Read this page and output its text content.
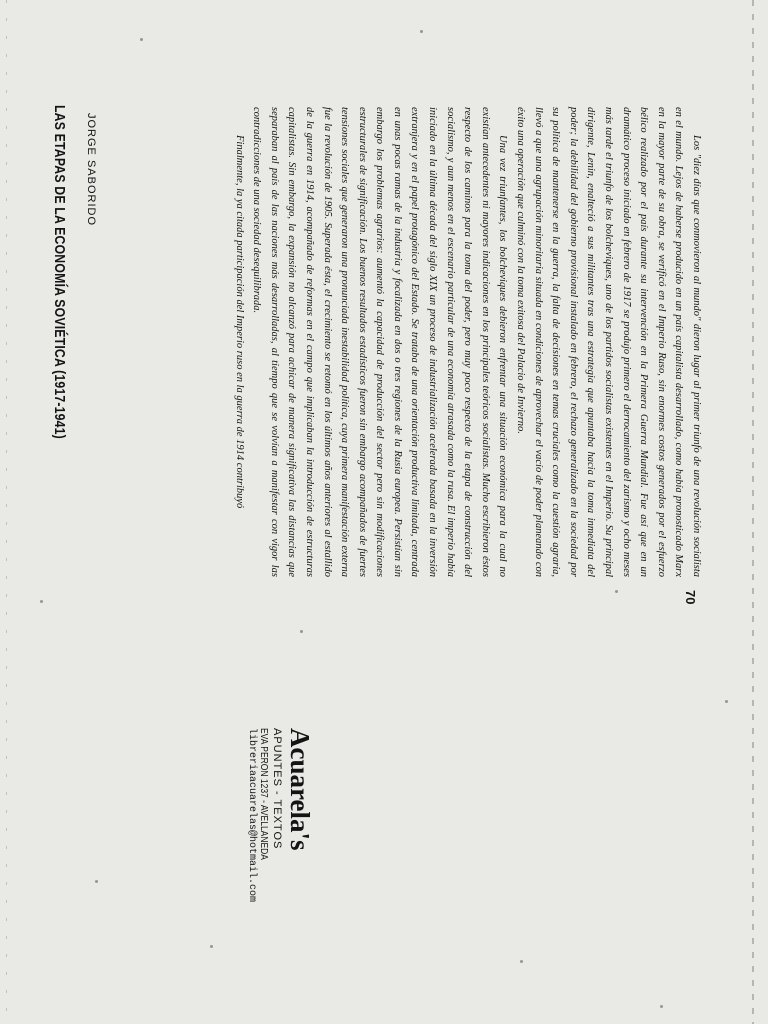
LAS ETAPAS DE LA ECONOMÍA SOVIÉTICA (1917-1941) JORGE SABORIDO	Los "diez días que conmovieron al mundo" dieron lugar al primer triunfo de una revolución socialista en el mundo. Lejos de haberse producido en un país capitalista desarrollado, como había pronosticado Marx en la mayor parte de su obra, se verificó en el Imperio Ruso, sin enormes costos generados por el esfuerzo bélico realizado por el país durante su intervención en la Primera Guerra Mundial. Fue así que en un dramático proceso iniciado en febrero de 1917 se produjo primero el derrocamiento del zarismo y ocho meses más tarde el triunfo de los bolcheviques, uno de los partidos socialistas existentes en el Imperio. Su principal dirigente, Lenin, enalteció a sus militantes tras una estrategia que apuntaba hacia la toma inmediata del poder; la debilidad del gobierno provisional instalado en febrero, el rechazo generalizado en la sociedad por su política de mantenerse en la guerra, la falta de decisiones en temas cruciales como la cuestión agraria, llevó a que una agrupación minoritaria situada en condiciones de aprovechar el vacío de poder planeando con éxito una operación que culminó con la toma exitosa del Palacio de Invierno.

Una vez triunfantes, los bolcheviques debieron enfrentar una situación económica para la cual no existían antecedentes ni mayores indicaciones en los principales teóricos socialistas. Mucho escribieron éstos respecto de los caminos para la toma del poder, pero muy poco respecto de la etapa de construcción del socialismo, y aun menos en el escenario particular de una economía atrasada como la rusa. El imperio había iniciado en la última década del siglo XIX un proceso de industrialización acelerada basada en la inversión extranjera y en el papel protagónico del Estado. Se trataba de una orientación productiva limitada, centrada en unas pocas ramas de la industria y focalizada en dos o tres regiones de la Rusia europea. Persistían sin embargo los problemas agrarios: aumentó la capacidad de producción del sector pero sin modificaciones estructurales de significación. Los buenos resultados estadísticos fueron sin embargo acompañados de fuertes tensiones sociales que generaron una pronunciada inestabilidad política, cuya primera manifestación externa fue la revolución de 1905. Superada ésta, el crecimiento se retomó en los últimos años anteriores al estallido de la guerra en 1914, acompañado de reformas en el campo que implicaban la introducción de estructuras capitalistas. Sin embargo, la expansión no alcanzó para achicar de manera significativa las distancias que separaban al país de las naciones más desarrolladas, al tiempo que se volvían a manifestar con vigor las contradicciones de una sociedad desequilibrada.

Finalmente, la ya citada participación del Imperio ruso en la guerra de 1914 contribuyó

70
Acuarela's
APUNTES - TEXTOS
EVA PERON 1237 - AVELLANEDA
libreriaacuarelas@hotmail.com
